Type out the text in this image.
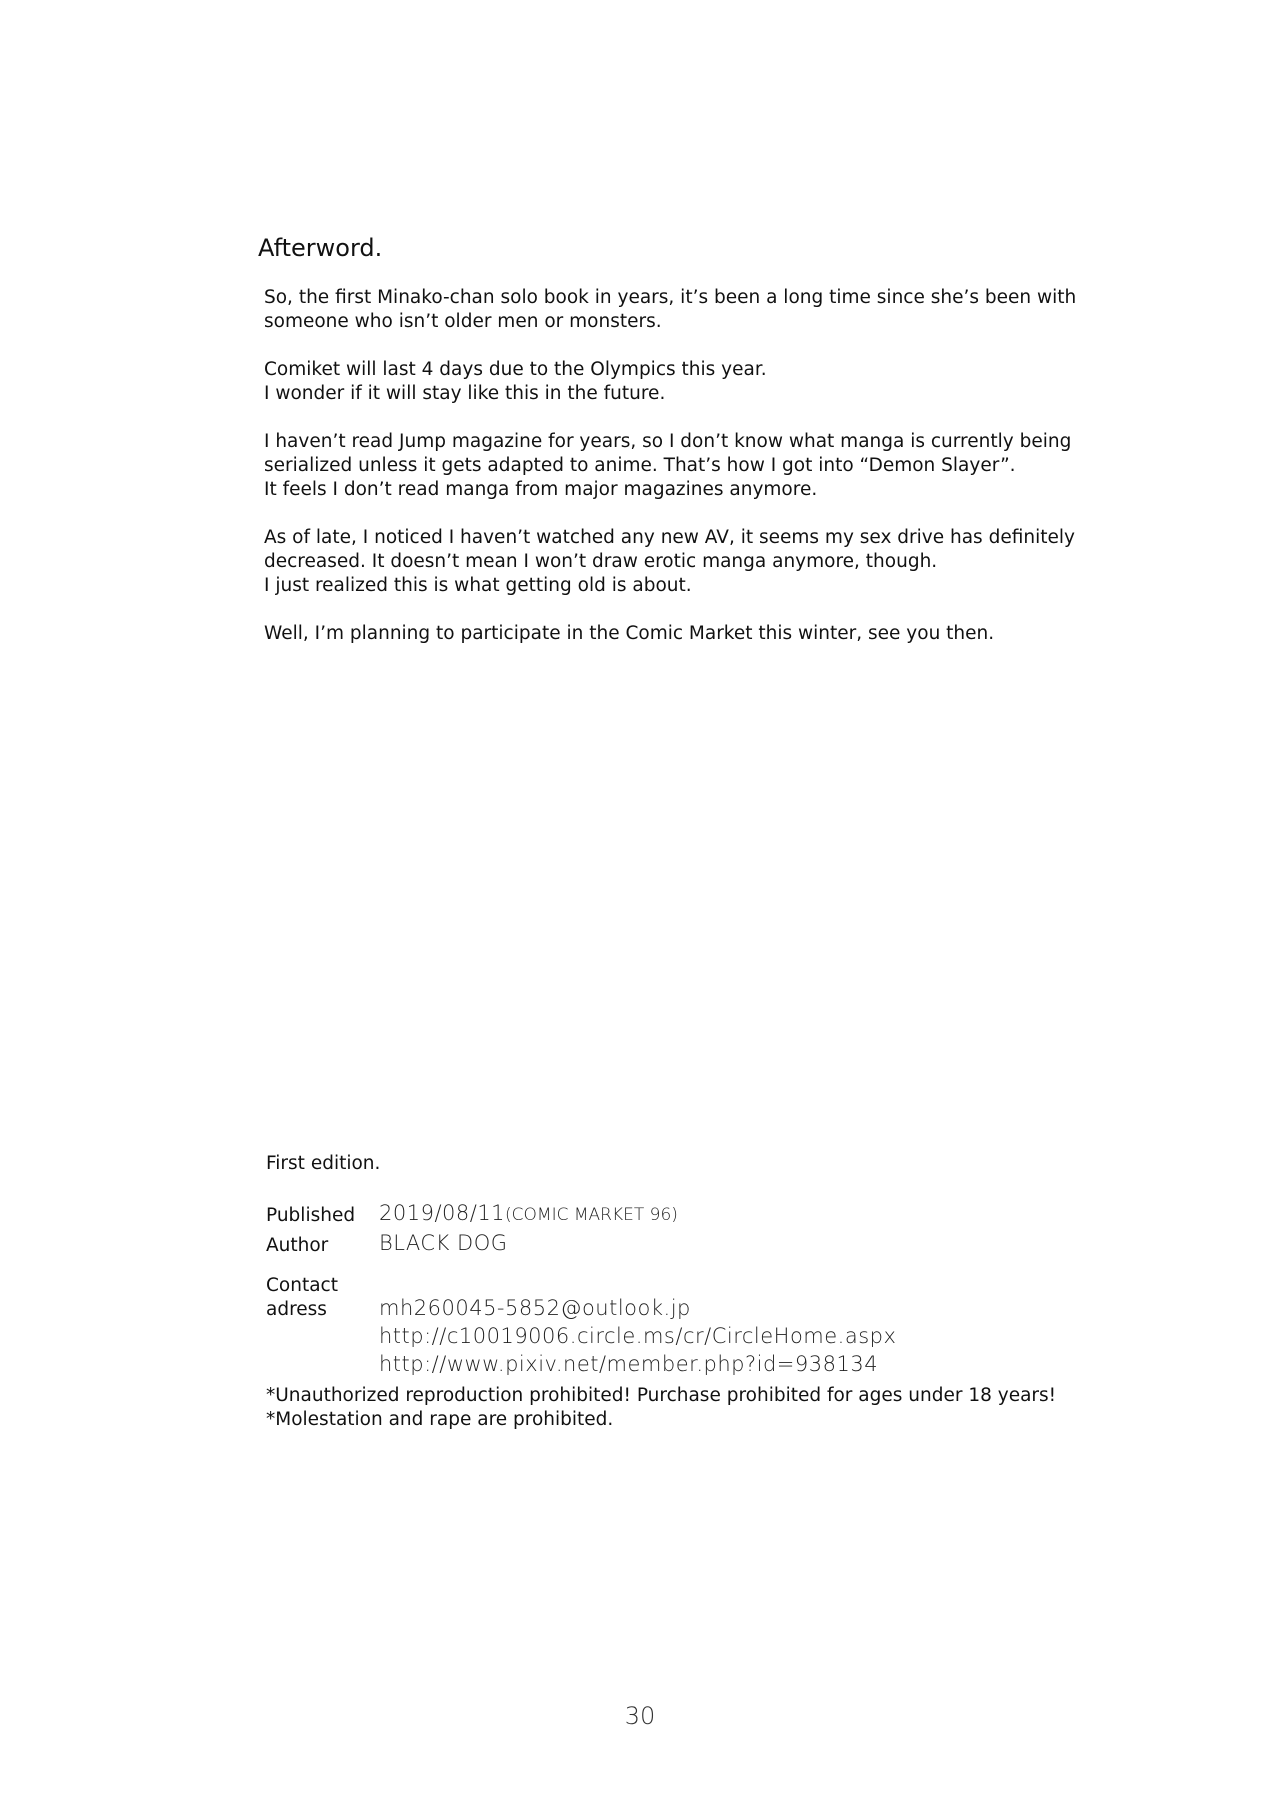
Afterword.

So, the first Minako-chan solo book in years, it’s been a long time since she’s been with
someone who isn’t older men or monsters.

Comiket will last 4 days due to the Olympics this year.
I wonder if it will stay like this in the future.

I haven’t read Jump magazine for years, so I don’t know what manga is currently being
serialized unless it gets adapted to anime. That’s how I got into “Demon Slayer”.
It feels I don’t read manga from major magazines anymore.

As of late, I noticed I haven’t watched any new AV, it seems my sex drive has definitely
decreased. It doesn’t mean I won’t draw erotic manga anymore, though.
I just realized this is what getting old is about.

Well, I’m planning to participate in the Comic Market this winter, see you then.

First edition.
Published 2019/08/11(COMIC MARKET 96)
Author BLACK DOG
Contact
adress mh260045-5852@outlook.jp
http://c10019006.circle.ms/cr/CircleHome.aspx
http://www.pixiv.net/member.php?id=938134
*Unauthorized reproduction prohibited! Purchase prohibited for ages under 18 years!
*Molestation and rape are prohibited.
30
